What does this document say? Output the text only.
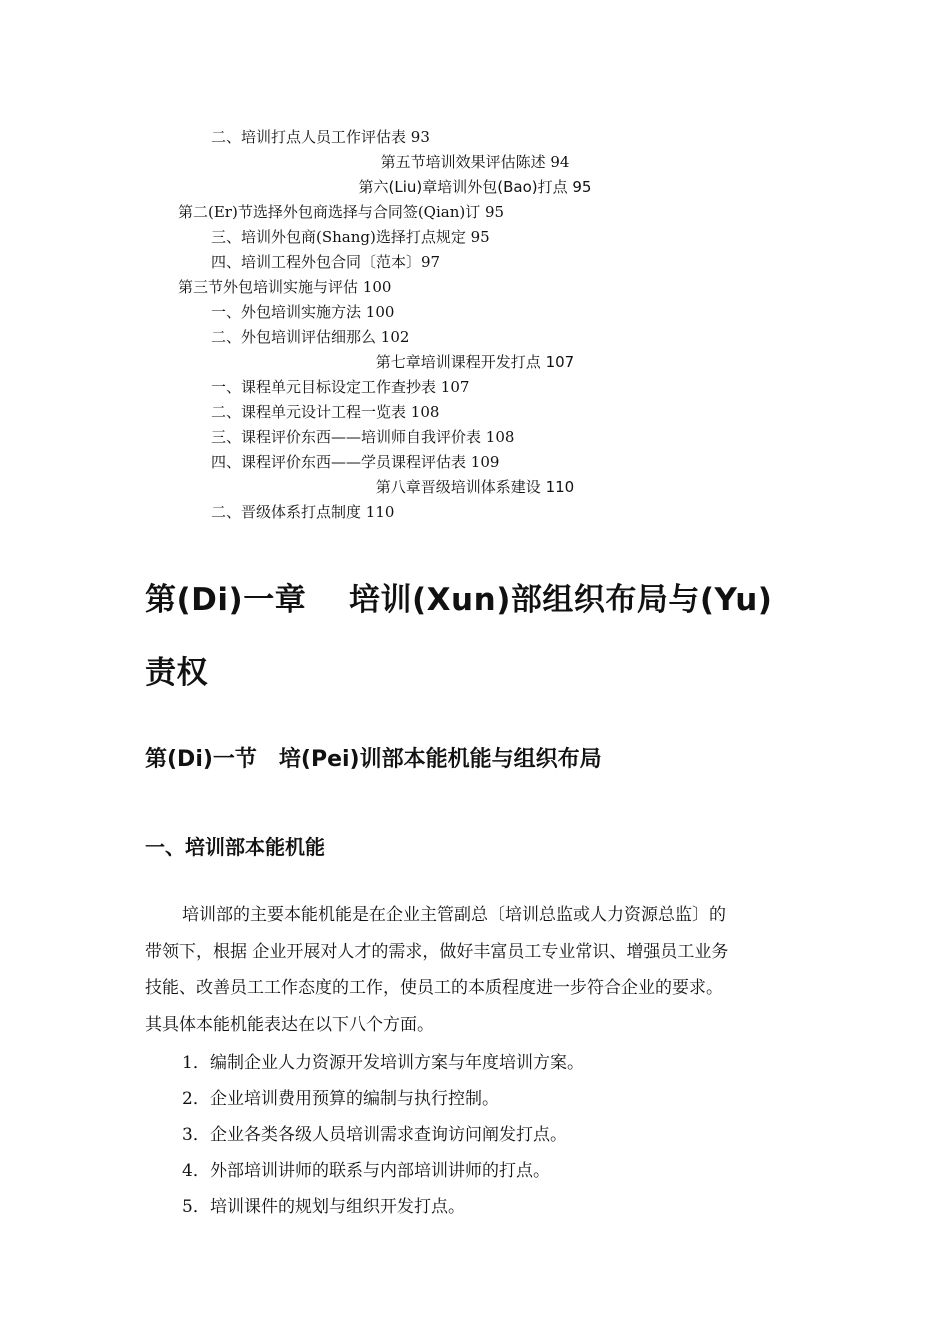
二、培训打点人员工作评估表 93
第五节培训效果评估陈述 94
第六(Liu)章培训外包(Bao)打点 95
第二(Er)节选择外包商选择与合同签(Qian)订 95
三、培训外包商(Shang)选择打点规定 95
四、培训工程外包合同〔范本〕97
第三节外包培训实施与评估 100
一、外包培训实施方法 100
二、外包培训评估细那么 102
第七章培训课程开发打点 107
一、课程单元目标设定工作查抄表 107
二、课程单元设计工程一览表 108
三、课程评价东西——培训师自我评价表 108
四、课程评价东西——学员课程评估表 109
第八章晋级培训体系建设 110
二、晋级体系打点制度 110
第(Di)一章　 培训(Xun)部组织布局与(Yu)
责权
第(Di)一节　培(Pei)训部本能机能与组织布局
一、培训部本能机能
培训部的主要本能机能是在企业主管副总〔培训总监或人力资源总监〕的
带领下，根据 企业开展对人才的需求，做好丰富员工专业常识、增强员工业务
技能、改善员工工作态度的工作，使员工的本质程度进一步符合企业的要求。
其具体本能机能表达在以下八个方面。
1．编制企业人力资源开发培训方案与年度培训方案。
2．企业培训费用预算的编制与执行控制。
3．企业各类各级人员培训需求查询访问阐发打点。
4．外部培训讲师的联系与内部培训讲师的打点。
5．培训课件的规划与组织开发打点。
